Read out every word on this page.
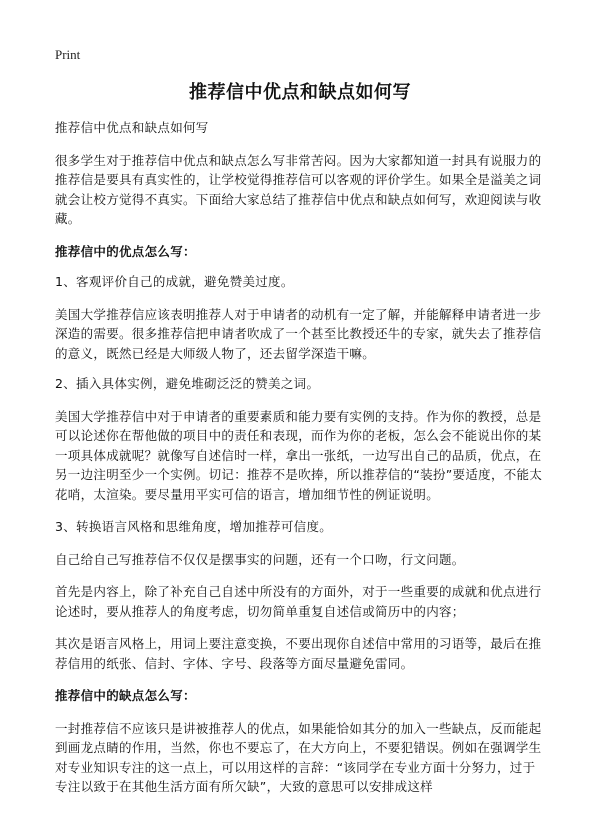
Print
推荐信中优点和缺点如何写

推荐信中优点和缺点如何写

很多学生对于推荐信中优点和缺点怎么写非常苦闷。因为大家都知道一封具有说服力的推荐信是要具有真实性的，让学校觉得推荐信可以客观的评价学生。如果全是溢美之词就会让校方觉得不真实。下面给大家总结了推荐信中优点和缺点如何写，欢迎阅读与收藏。

推荐信中的优点怎么写：

1、客观评价自己的成就，避免赞美过度。

美国大学推荐信应该表明推荐人对于申请者的动机有一定了解，并能解释申请者进一步深造的需要。很多推荐信把申请者吹成了一个甚至比教授还牛的专家，就失去了推荐信的意义，既然已经是大师级人物了，还去留学深造干嘛。

2、插入具体实例，避免堆砌泛泛的赞美之词。

美国大学推荐信中对于申请者的重要素质和能力要有实例的支持。作为你的教授，总是可以论述你在帮他做的项目中的责任和表现，而作为你的老板，怎么会不能说出你的某一项具体成就呢？就像写自述信时一样，拿出一张纸，一边写出自己的品质，优点，在另一边注明至少一个实例。切记：推荐不是吹捧，所以推荐信的“装扮”要适度，不能太花哨，太渲染。要尽量用平实可信的语言，增加细节性的例证说明。

3、转换语言风格和思维角度，增加推荐可信度。

自己给自己写推荐信不仅仅是摆事实的问题，还有一个口吻，行文问题。

首先是内容上，除了补充自己自述中所没有的方面外，对于一些重要的成就和优点进行论述时，要从推荐人的角度考虑，切勿简单重复自述信或简历中的内容；

其次是语言风格上，用词上要注意变换，不要出现你自述信中常用的习语等，最后在推荐信用的纸张、信封、字体、字号、段落等方面尽量避免雷同。

推荐信中的缺点怎么写：

一封推荐信不应该只是讲被推荐人的优点，如果能恰如其分的加入一些缺点，反而能起到画龙点睛的作用，当然，你也不要忘了，在大方向上，不要犯错误。例如在强调学生对专业知识专注的这一点上，可以用这样的言辞：“该同学在专业方面十分努力，过于专注以致于在其他生活方面有所欠缺”，大致的意思可以安排成这样
